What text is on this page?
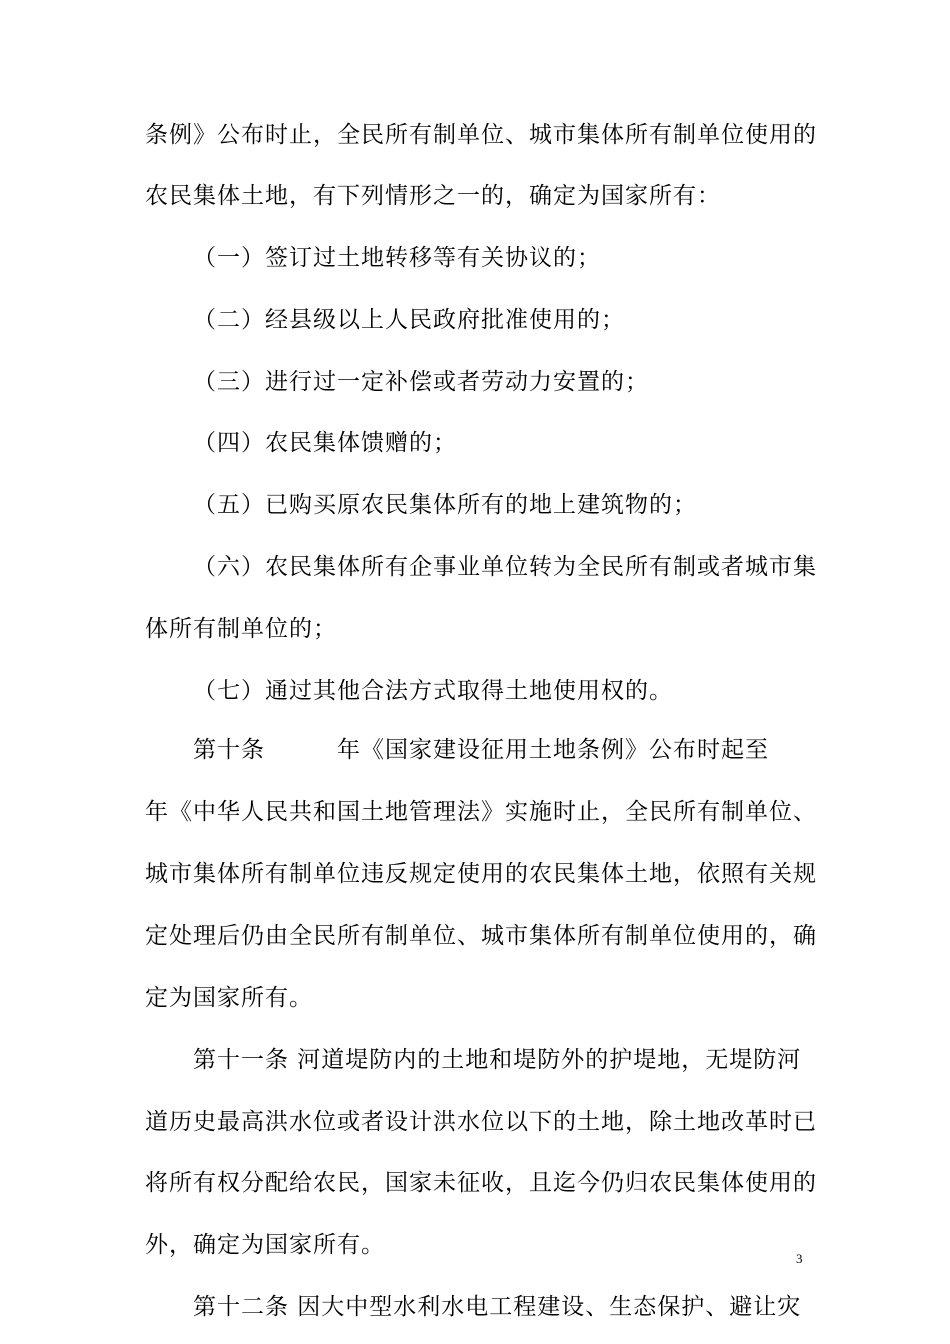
条例》公布时止，全民所有制单位、城市集体所有制单位使用的
农民集体土地，有下列情形之一的，确定为国家所有：
（一）签订过土地转移等有关协议的；
（二）经县级以上人民政府批准使用的；
（三）进行过一定补偿或者劳动力安置的；
（四）农民集体馈赠的；
（五）已购买原农民集体所有的地上建筑物的；
（六）农民集体所有企事业单位转为全民所有制或者城市集
体所有制单位的；
（七）通过其他合法方式取得土地使用权的。
第十条　　　年《国家建设征用土地条例》公布时起至
年《中华人民共和国土地管理法》实施时止，全民所有制单位、
城市集体所有制单位违反规定使用的农民集体土地，依照有关规
定处理后仍由全民所有制单位、城市集体所有制单位使用的，确
定为国家所有。
第十一条 河道堤防内的土地和堤防外的护堤地，无堤防河
道历史最高洪水位或者设计洪水位以下的土地，除土地改革时已
将所有权分配给农民，国家未征收，且迄今仍归农民集体使用的
外，确定为国家所有。
第十二条 因大中型水利水电工程建设、生态保护、避让灾
3
